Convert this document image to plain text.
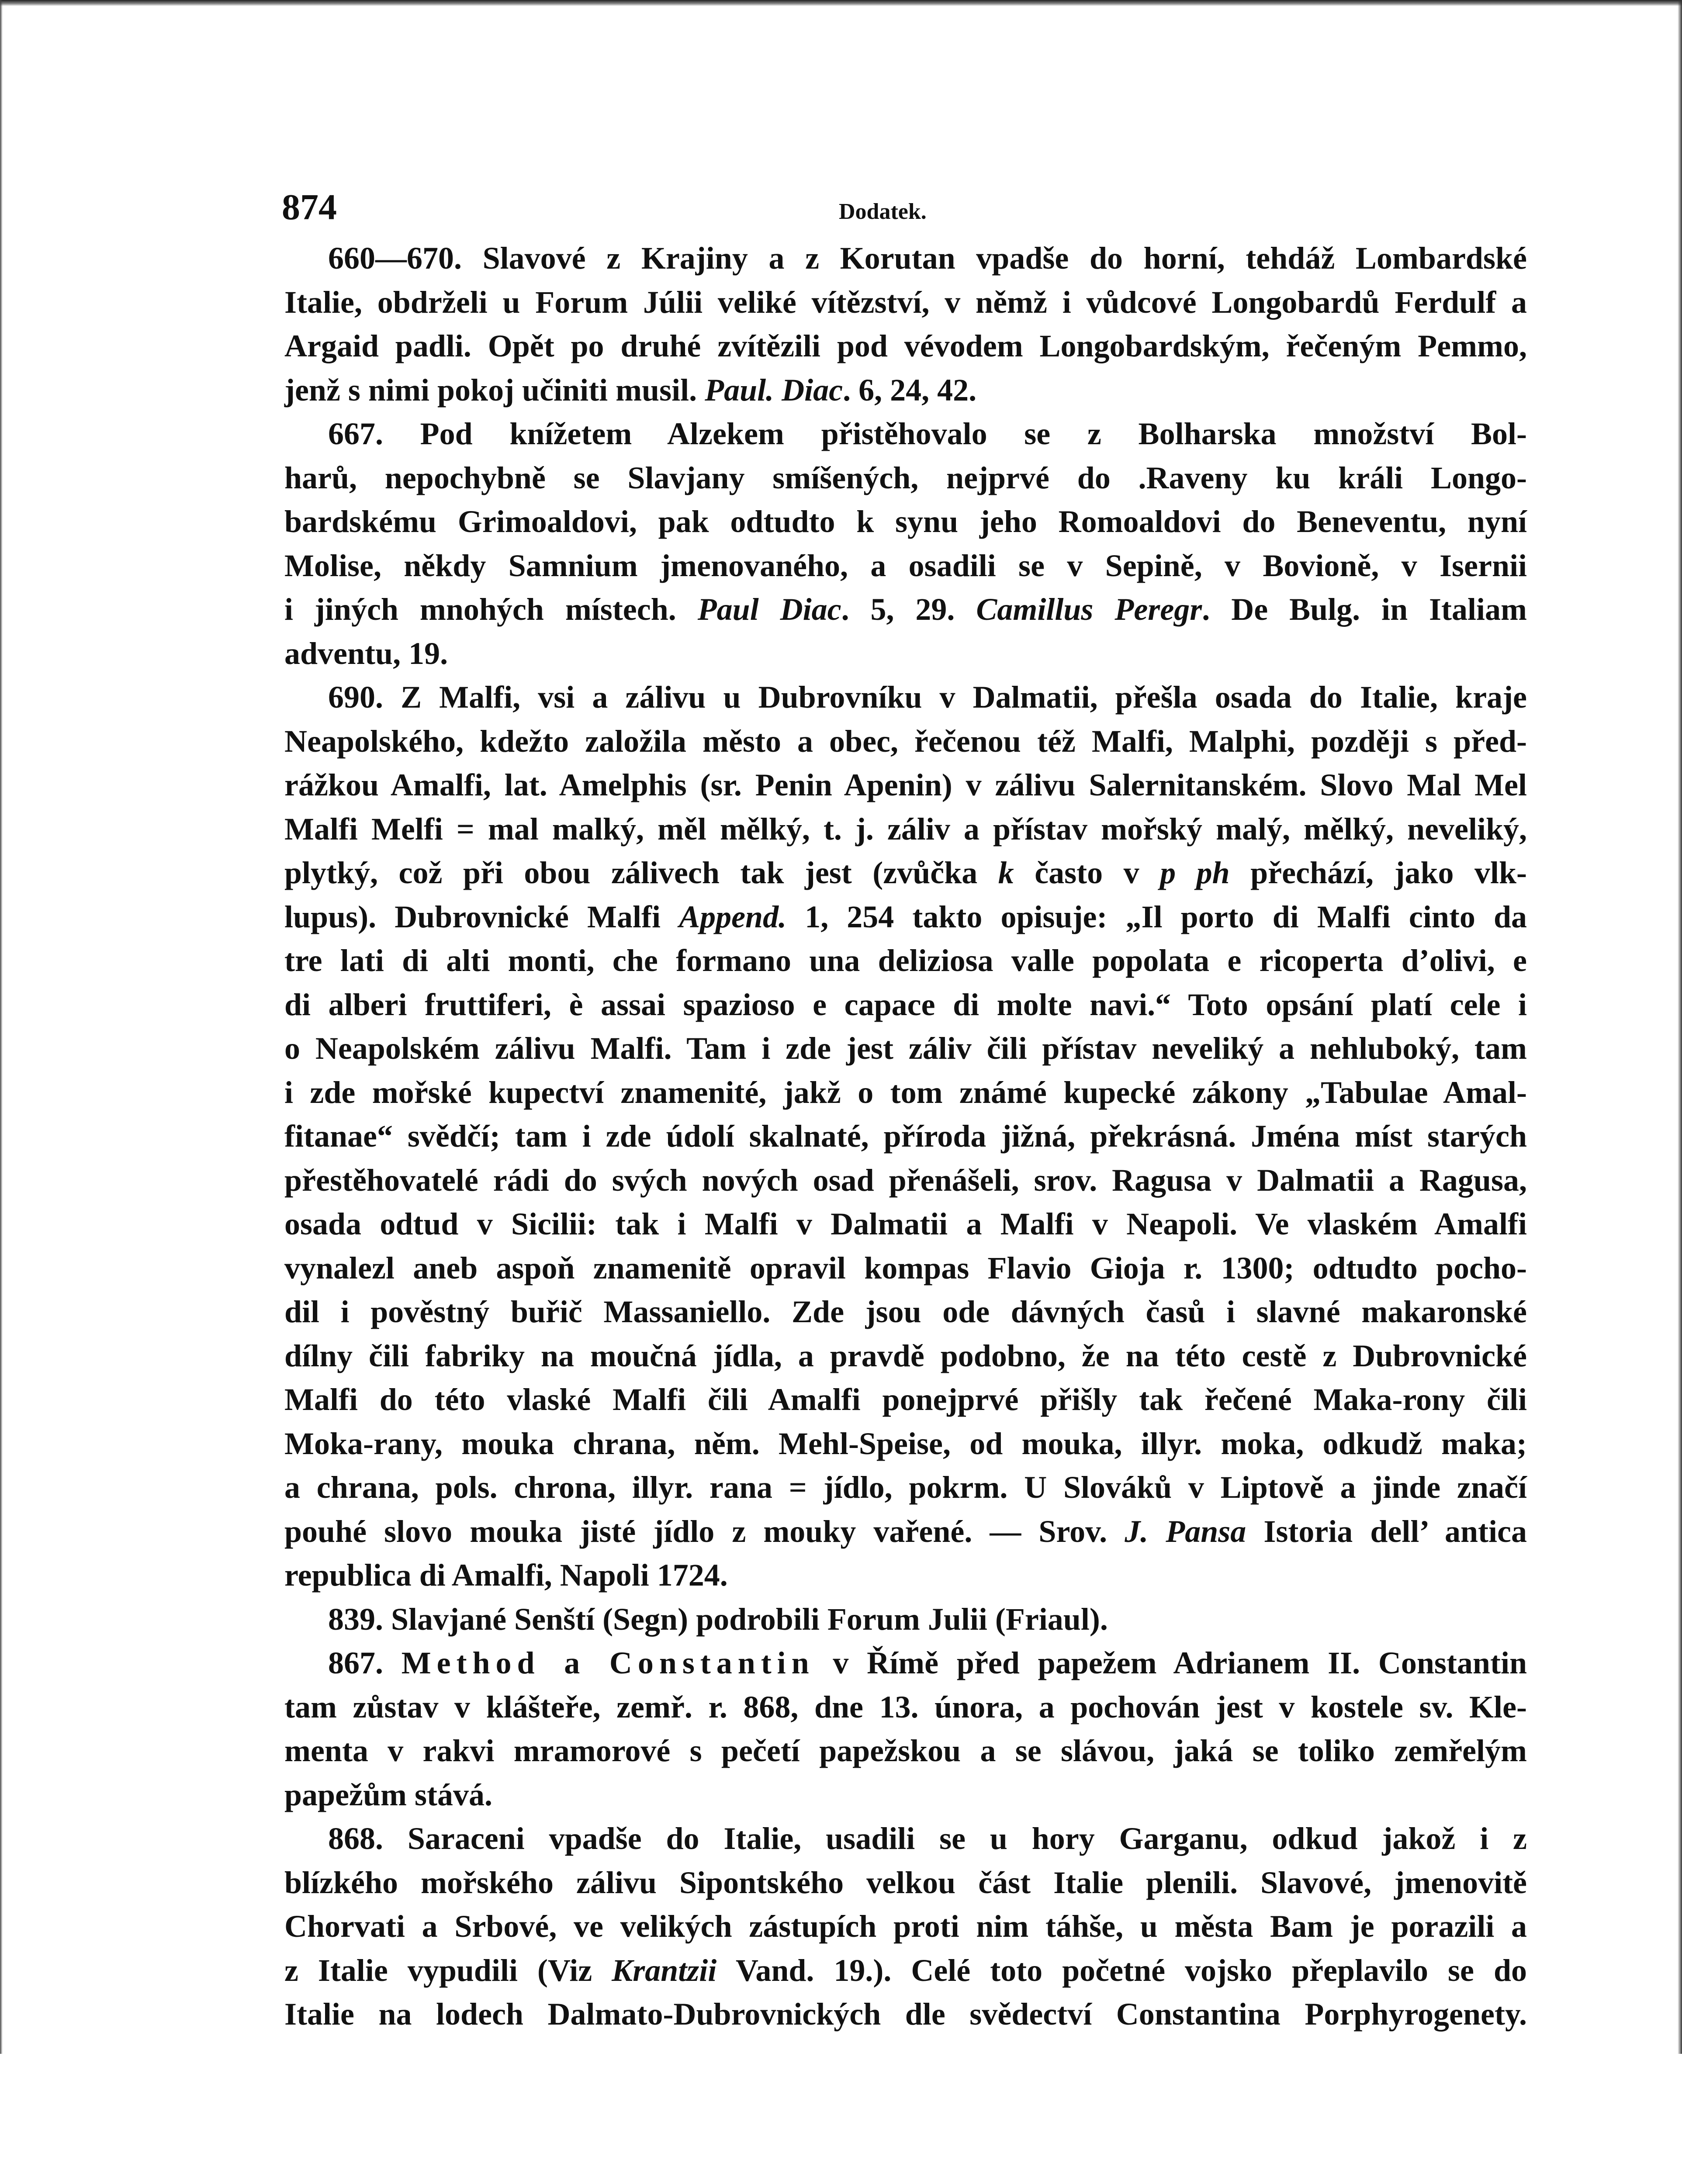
874	Dodatek.
660—670. Slavové z Krajiny a z Korutan vpadše do horní, tehdáž Lombardské
Italie, obdrželi u Forum Júlii veliké vítězství, v němž i vůdcové Longobardů Ferdulf a
Argaid padli. Opět po druhé zvítězili pod vévodem Longobardským, řečeným Pemmo,
jenž s nimi pokoj učiniti musil. Paul. Diac. 6, 24, 42.
667. Pod knížetem Alzekem přistěhovalo se z Bolharska množství Bol-
harů, nepochybně se Slavjany smíšených, nejprvé do .Raveny ku králi Longo-
bardskému Grimoaldovi, pak odtudto k synu jeho Romoaldovi do Beneventu, nyní
Molise, někdy Samnium jmenovaného, a osadili se v Sepině, v Bovioně, v Isernii
i jiných mnohých místech. Paul Diac. 5, 29. Camillus Peregr. De Bulg. in Italiam
adventu, 19.
690. Z Malfi, vsi a zálivu u Dubrovníku v Dalmatii, přešla osada do Italie, kraje
Neapolského, kdežto založila město a obec, řečenou též Malfi, Malphi, později s před-
rážkou Amalfi, lat. Amelphis (sr. Penin Apenin) v zálivu Salernitanském. Slovo Mal Mel
Malfi Melfi = mal malký, měl mělký, t. j. záliv a přístav mořský malý, mělký, neveliký,
plytký, což při obou zálivech tak jest (zvůčka k často v p ph přechází, jako vlk-
lupus). Dubrovnické Malfi Append. 1, 254 takto opisuje: „Il porto di Malfi cinto da
tre lati di alti monti, che formano una deliziosa valle popolata e ricoperta d’olivi, e
di alberi fruttiferi, è assai spazioso e capace di molte navi.“ Toto opsání platí cele i
o Neapolském zálivu Malfi. Tam i zde jest záliv čili přístav neveliký a nehluboký, tam
i zde mořské kupectví znamenité, jakž o tom známé kupecké zákony „Tabulae Amal-
fitanae“ svědčí; tam i zde údolí skalnaté, příroda jižná, překrásná. Jména míst starých
přestěhovatelé rádi do svých nových osad přenášeli, srov. Ragusa v Dalmatii a Ragusa,
osada odtud v Sicilii: tak i Malfi v Dalmatii a Malfi v Neapoli. Ve vlaském Amalfi
vynalezl aneb aspoň znamenitě opravil kompas Flavio Gioja r. 1300; odtudto pocho-
dil i pověstný buřič Massaniello. Zde jsou ode dávných časů i slavné makaronské
dílny čili fabriky na moučná jídla, a pravdě podobno, že na této cestě z Dubrovnické
Malfi do této vlaské Malfi čili Amalfi ponejprvé přišly tak řečené Maka-rony čili
Moka-rany, mouka chrana, něm. Mehl-Speise, od mouka, illyr. moka, odkudž maka;
a chrana, pols. chrona, illyr. rana = jídlo, pokrm. U Slováků v Liptově a jinde značí
pouhé slovo mouka jisté jídlo z mouky vařené. — Srov. J. Pansa Istoria dell’ antica
republica di Amalfi, Napoli 1724.
839. Slavjané Senští (Segn) podrobili Forum Julii (Friaul).
867. Method a Constantin v Římě před papežem Adrianem II. Constantin
tam zůstav v klášteře, zemř. r. 868, dne 13. února, a pochován jest v kostele sv. Kle-
menta v rakvi mramorové s pečetí papežskou a se slávou, jaká se toliko zemřelým
papežům stává.
868. Saraceni vpadše do Italie, usadili se u hory Garganu, odkud jakož i z
blízkého mořského zálivu Sipontského velkou část Italie plenili. Slavové, jmenovitě
Chorvati a Srbové, ve velikých zástupích proti nim táhše, u města Bam je porazili a
z Italie vypudili (Viz Krantzii Vand. 19.). Celé toto početné vojsko přeplavilo se do
Italie na lodech Dalmato-Dubrovnických dle svědectví Constantina Porphyrogenety.
